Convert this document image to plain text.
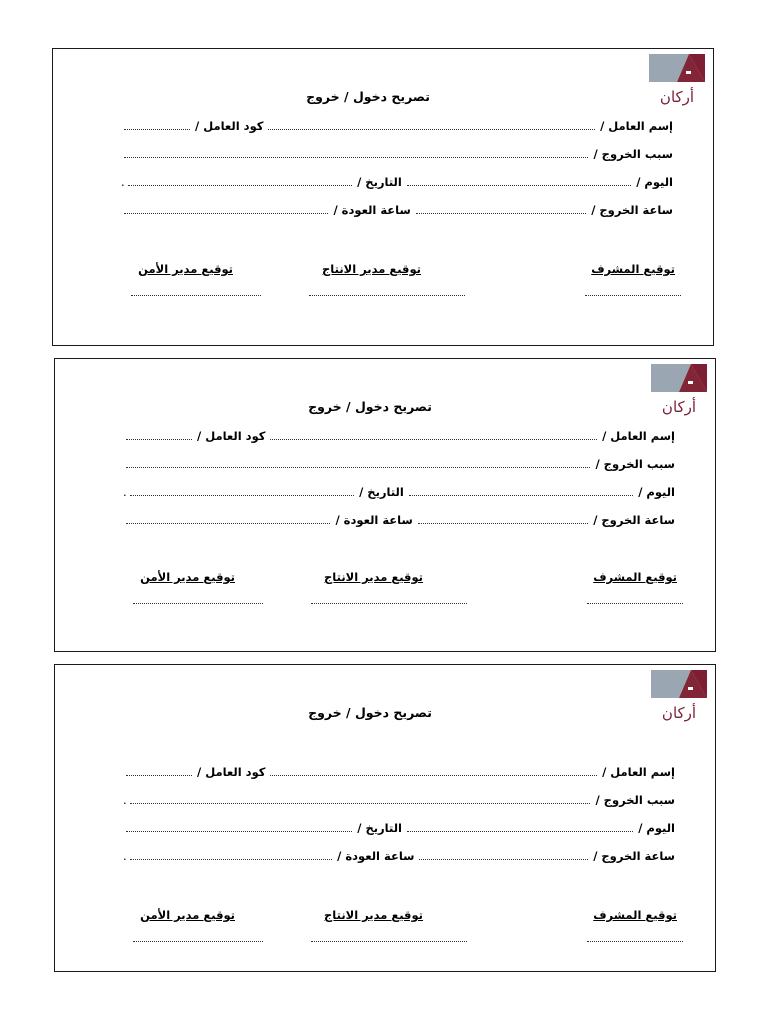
أركان
تصريح دخول / خروج
إسم العامل /
كود العامل /
سبب الخروج /
اليوم /
التاريخ /
.
ساعة الخروج /
ساعة العودة /
توقيع المشرف
توقيع مدير الانتاج
توقيع مدير الأمن
أركان
تصريح دخول / خروج
إسم العامل /
كود العامل /
سبب الخروج /
اليوم /
التاريخ /
.
ساعة الخروج /
ساعة العودة /
توقيع المشرف
توقيع مدير الانتاج
توقيع مدير الأمن
أركان
تصريح دخول / خروج
إسم العامل /
كود العامل /
سبب الخروج /
.
اليوم /
التاريخ /
ساعة الخروج /
ساعة العودة /
.
توقيع المشرف
توقيع مدير الانتاج
توقيع مدير الأمن
